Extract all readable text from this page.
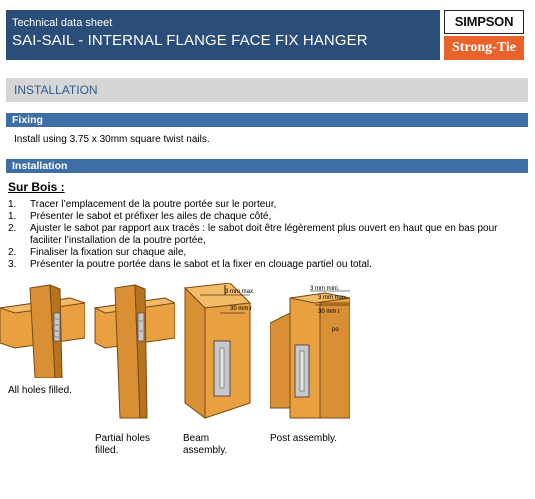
Technical data sheet
SAI-SAIL - INTERNAL FLANGE FACE FIX HANGER
SIMPSON
Strong-Tie
INSTALLATION
Fixing
Install using 3.75 x 30mm square twist nails.
Installation
Sur Bois :
1. Tracer l’emplacement de la poutre portée sur le porteur,
1. Présenter le sabot et préfixer les ailes de chaque côté,
2. Ajuster le sabot par rapport aux tracés : le sabot doit être légèrement plus ouvert en haut que en bas pour faciliter l’installation de la poutre portée,
2. Finaliser la fixation sur chaque aile,
3. Présenter la poutre portée dans le sabot et la fixer en clouage partiel ou total.
All holes filled.
Partial holes
filled.
3 mm max.
30 mm r
Beam
assembly.
3 mm mini.
3 mm max.
30 mm r
po
Post assembly.
